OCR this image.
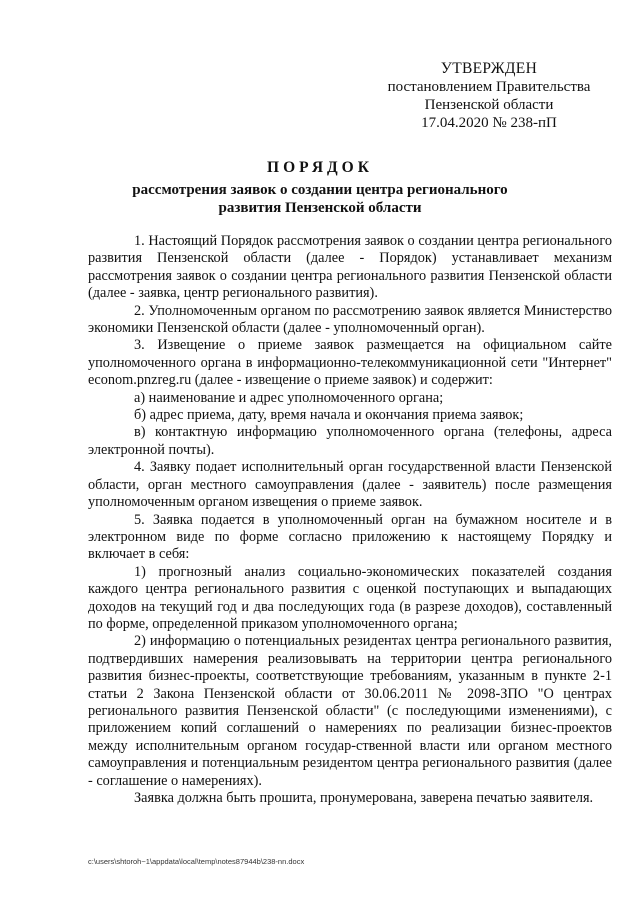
УТВЕРЖДЕН
постановлением Правительства
Пензенской области
17.04.2020 № 238-пП
ПОРЯДОК
рассмотрения заявок о создании центра регионального
развития Пензенской области

1. Настоящий Порядок рассмотрения заявок о создании центра регионального развития Пензенской области (далее - Порядок) устанавливает механизм рассмотрения заявок о создании центра регионального развития Пензенской области (далее - заявка, центр регионального развития).

2. Уполномоченным органом по рассмотрению заявок является Министерство экономики Пензенской области (далее - уполномоченный орган).

3. Извещение о приеме заявок размещается на официальном сайте уполномоченного органа в информационно-телекоммуникационной сети "Интернет" econom.pnzreg.ru (далее - извещение о приеме заявок) и содержит:

а) наименование и адрес уполномоченного органа;

б) адрес приема, дату, время начала и окончания приема заявок;

в) контактную информацию уполномоченного органа (телефоны, адреса электронной почты).

4. Заявку подает исполнительный орган государственной власти Пензенской области, орган местного самоуправления (далее - заявитель) после размещения уполномоченным органом извещения о приеме заявок.

5. Заявка подается в уполномоченный орган на бумажном носителе и в электронном виде по форме согласно приложению к настоящему Порядку и включает в себя:

1) прогнозный анализ социально-экономических показателей создания каждого центра регионального развития с оценкой поступающих и выпадающих доходов на текущий год и два последующих года (в разрезе доходов), составленный по форме, определенной приказом уполномоченного органа;

2) информацию о потенциальных резидентах центра регионального развития, подтвердивших намерения реализовывать на территории центра регионального развития бизнес-проекты, соответствующие требованиям, указанным в пункте 2-1 статьи 2 Закона Пензенской области от 30.06.2011 № 2098-ЗПО "О центрах регионального развития Пензенской области" (с последующими изменениями), с приложением копий соглашений о намерениях по реализации бизнес-проектов между исполнительным органом государ-ственной власти или органом местного самоуправления и потенциальным резидентом центра регионального развития (далее - соглашение о намерениях).

Заявка должна быть прошита, пронумерована, заверена печатью заявителя.

c:\users\shtoroh~1\appdata\local\temp\notes87944b\238-nn.docx
